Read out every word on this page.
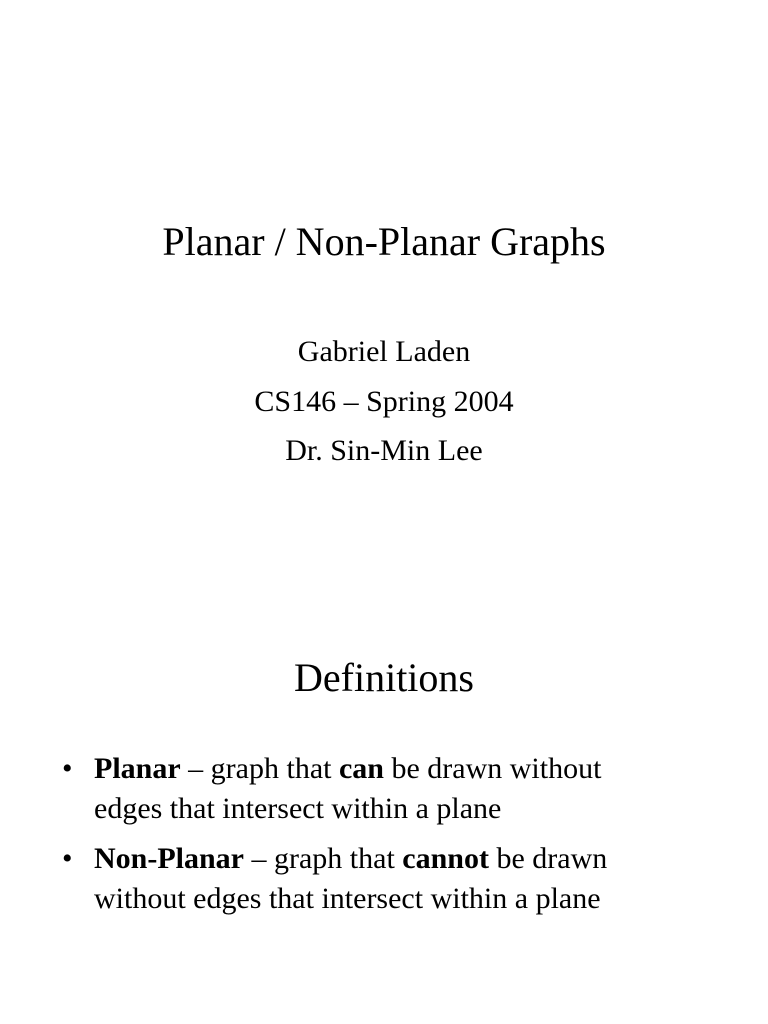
Planar / Non-Planar Graphs
Gabriel Laden
CS146 – Spring 2004
Dr. Sin-Min Lee
Definitions
• Planar – graph that can be drawn without
edges that intersect within a plane
• Non-Planar – graph that cannot be drawn
without edges that intersect within a plane
